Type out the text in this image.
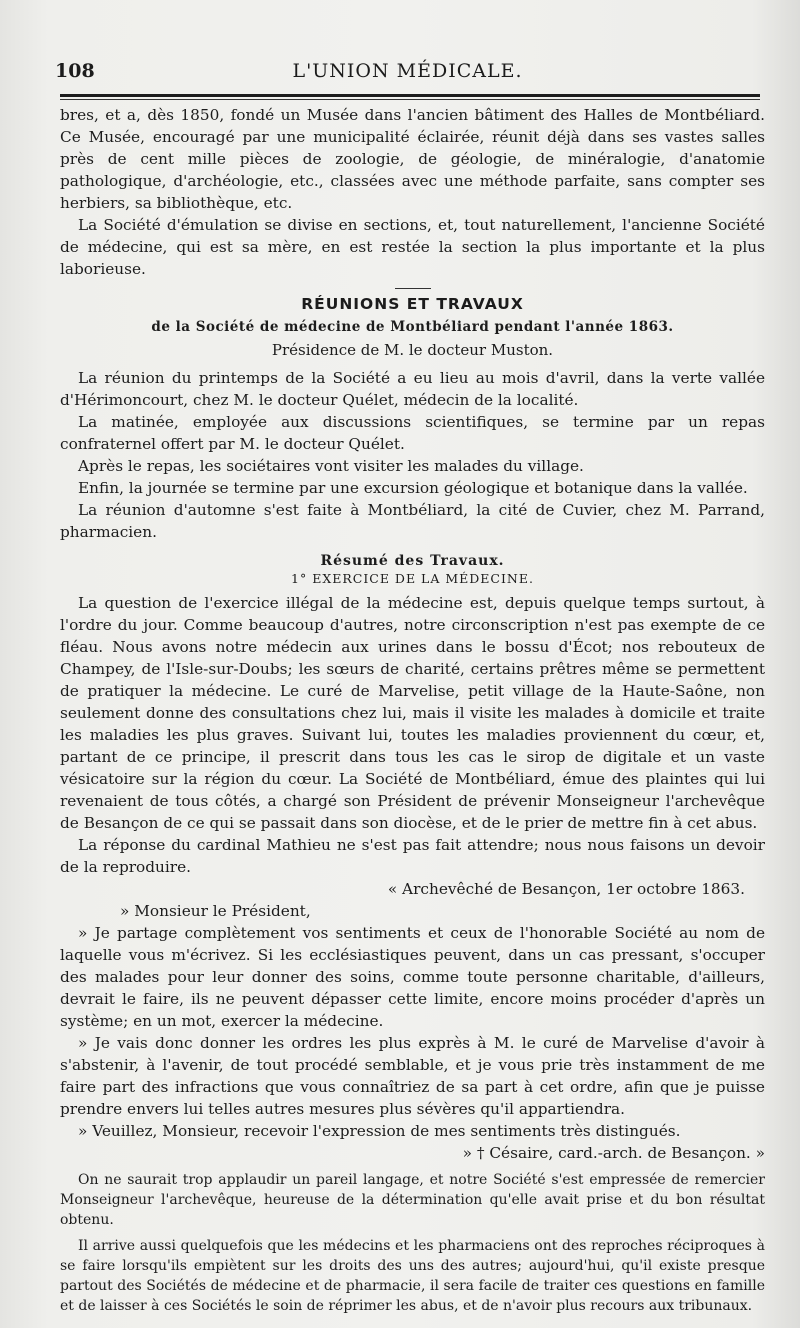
108	L'UNION MÉDICALE.

bres, et a, dès 1850, fondé un Musée dans l'ancien bâtiment des Halles de Montbéliard. Ce Musée, encouragé par une municipalité éclairée, réunit déjà dans ses vastes salles près de cent mille pièces de zoologie, de géologie, de minéralogie, d'anatomie pathologique, d'archéologie, etc., classées avec une méthode parfaite, sans compter ses herbiers, sa bibliothèque, etc.

La Société d'émulation se divise en sections, et, tout naturellement, l'ancienne Société de médecine, qui est sa mère, en est restée la section la plus importante et la plus laborieuse.

RÉUNIONS ET TRAVAUX
de la Société de médecine de Montbéliard pendant l'année 1863.
Présidence de M. le docteur Muston.

La réunion du printemps de la Société a eu lieu au mois d'avril, dans la verte vallée d'Hérimoncourt, chez M. le docteur Quélet, médecin de la localité.

La matinée, employée aux discussions scientifiques, se termine par un repas confraternel offert par M. le docteur Quélet.

Après le repas, les sociétaires vont visiter les malades du village.

Enfin, la journée se termine par une excursion géologique et botanique dans la vallée.

La réunion d'automne s'est faite à Montbéliard, la cité de Cuvier, chez M. Parrand, pharmacien.

Résumé des Travaux.
1° EXERCICE DE LA MÉDECINE.

La question de l'exercice illégal de la médecine est, depuis quelque temps surtout, à l'ordre du jour. Comme beaucoup d'autres, notre circonscription n'est pas exempte de ce fléau. Nous avons notre médecin aux urines dans le bossu d'Écot; nos rebouteux de Champey, de l'Isle-sur-Doubs; les sœurs de charité, certains prêtres même se permettent de pratiquer la médecine. Le curé de Marvelise, petit village de la Haute-Saône, non seulement donne des consultations chez lui, mais il visite les malades à domicile et traite les maladies les plus graves. Suivant lui, toutes les maladies proviennent du cœur, et, partant de ce principe, il prescrit dans tous les cas le sirop de digitale et un vaste vésicatoire sur la région du cœur. La Société de Montbéliard, émue des plaintes qui lui revenaient de tous côtés, a chargé son Président de prévenir Monseigneur l'archevêque de Besançon de ce qui se passait dans son diocèse, et de le prier de mettre fin à cet abus.

La réponse du cardinal Mathieu ne s'est pas fait attendre; nous nous faisons un devoir de la reproduire.

« Archevêché de Besançon, 1er octobre 1863.

» Monsieur le Président,

» Je partage complètement vos sentiments et ceux de l'honorable Société au nom de laquelle vous m'écrivez. Si les ecclésiastiques peuvent, dans un cas pressant, s'occuper des malades pour leur donner des soins, comme toute personne charitable, d'ailleurs, devrait le faire, ils ne peuvent dépasser cette limite, encore moins procéder d'après un système; en un mot, exercer la médecine.

» Je vais donc donner les ordres les plus exprès à M. le curé de Marvelise d'avoir à s'abstenir, à l'avenir, de tout procédé semblable, et je vous prie très instamment de me faire part des infractions que vous connaîtriez de sa part à cet ordre, afin que je puisse prendre envers lui telles autres mesures plus sévères qu'il appartiendra.

» Veuillez, Monsieur, recevoir l'expression de mes sentiments très distingués.

» † Césaire, card.-arch. de Besançon. »

On ne saurait trop applaudir un pareil langage, et notre Société s'est empressée de remercier Monseigneur l'archevêque, heureuse de la détermination qu'elle avait prise et du bon résultat obtenu.

Il arrive aussi quelquefois que les médecins et les pharmaciens ont des reproches réciproques à se faire lorsqu'ils empiètent sur les droits des uns des autres; aujourd'hui, qu'il existe presque partout des Sociétés de médecine et de pharmacie, il sera facile de traiter ces questions en famille et de laisser à ces Sociétés le soin de réprimer les abus, et de n'avoir plus recours aux tribunaux.
